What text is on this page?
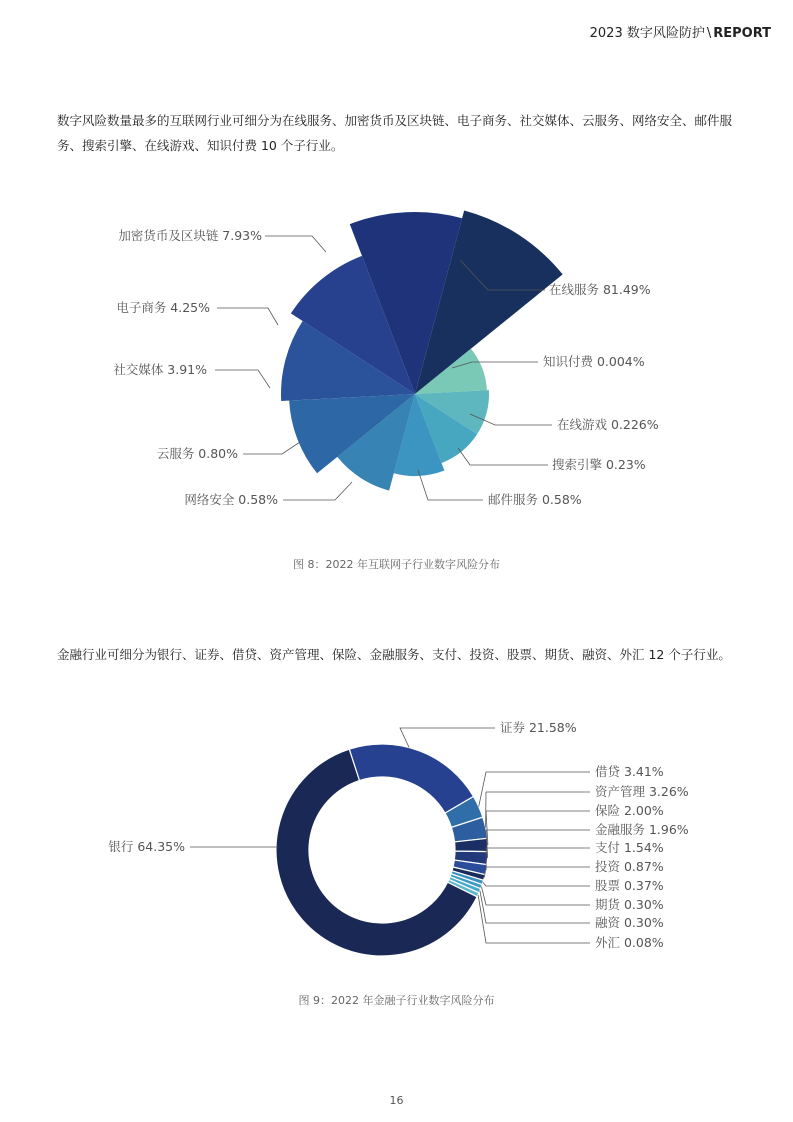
2023 数字风险防护 \ REPORT

数字风险数量最多的互联网行业可细分为在线服务、加密货币及区块链、电子商务、社交媒体、云服务、网络安全、邮件服务、搜索引擎、在线游戏、知识付费 10 个子行业。

在线服务 81.49%
知识付费 0.004%
在线游戏 0.226%
搜索引擎 0.23%
邮件服务 0.58%
网络安全 0.58%
云服务 0.80%
社交媒体 3.91%
电子商务 4.25%
加密货币及区块链 7.93%
图 8：2022 年互联网子行业数字风险分布

金融行业可细分为银行、证券、借贷、资产管理、保险、金融服务、支付、投资、股票、期货、融资、外汇 12 个子行业。

证券 21.58%
借贷 3.41%
资产管理 3.26%
保险 2.00%
金融服务 1.96%
支付 1.54%
投资 0.87%
股票 0.37%
期货 0.30%
融资 0.30%
外汇 0.08%
银行 64.35%
图 9：2022 年金融子行业数字风险分布
16
